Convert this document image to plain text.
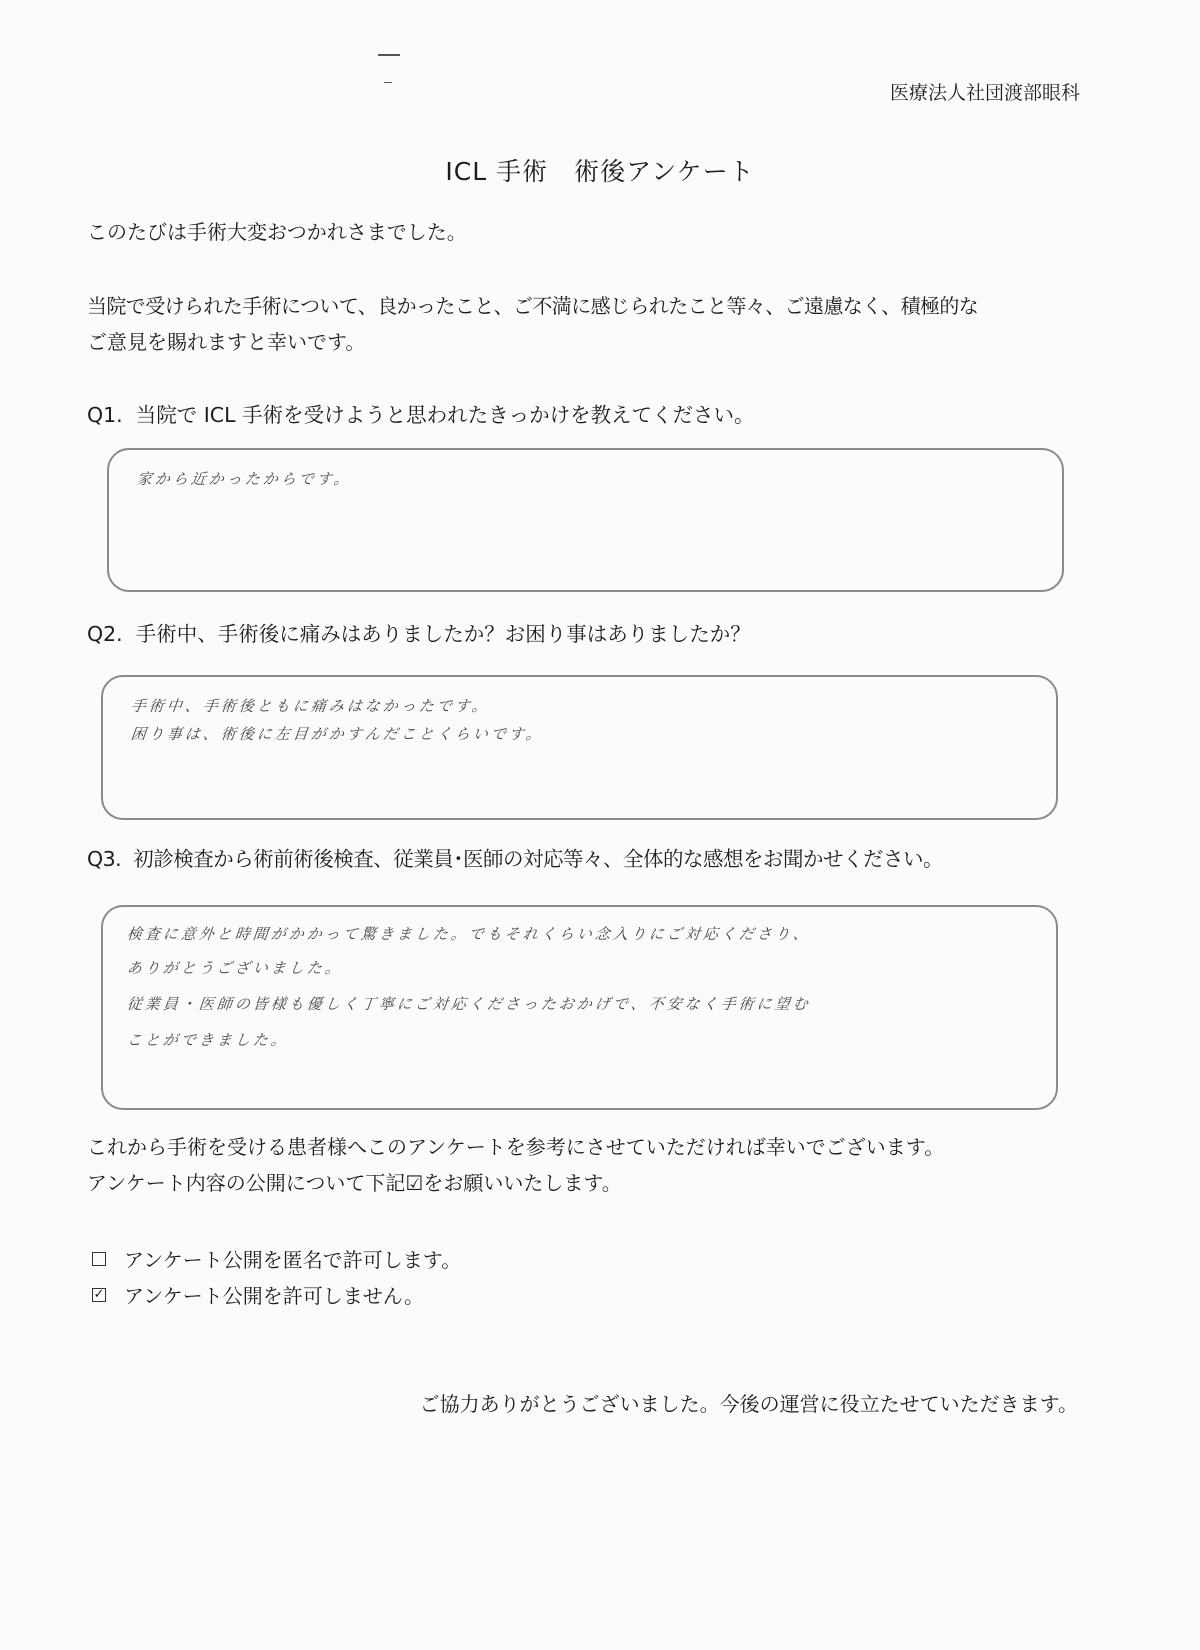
医療法人社団渡部眼科
ICL 手術 術後アンケート
このたびは手術大変おつかれさまでした。
当院で受けられた手術について、良かったこと、ご不満に感じられたこと等々、ご遠慮なく、積極的な
ご意見を賜れますと幸いです。
Q1. 当院で ICL 手術を受けようと思われたきっかけを教えてください。
家から近かったからです。
Q2. 手術中、手術後に痛みはありましたか？お困り事はありましたか？
手術中、手術後ともに痛みはなかったです。
困り事は、術後に左目がかすんだことくらいです。
Q3. 初診検査から術前術後検査、従業員･医師の対応等々、全体的な感想をお聞かせください。
検査に意外と時間がかかって驚きました。でもそれくらい念入りにご対応くださり、
ありがとうございました。
従業員・医師の皆様も優しく丁寧にご対応くださったおかげで、不安なく手術に望む
ことができました。
これから手術を受ける患者様へこのアンケートを参考にさせていただければ幸いでございます。
アンケート内容の公開について下記☑をお願いいたします。
アンケート公開を匿名で許可します。
✓ アンケート公開を許可しません。
ご協力ありがとうございました。今後の運営に役立たせていただきます。
